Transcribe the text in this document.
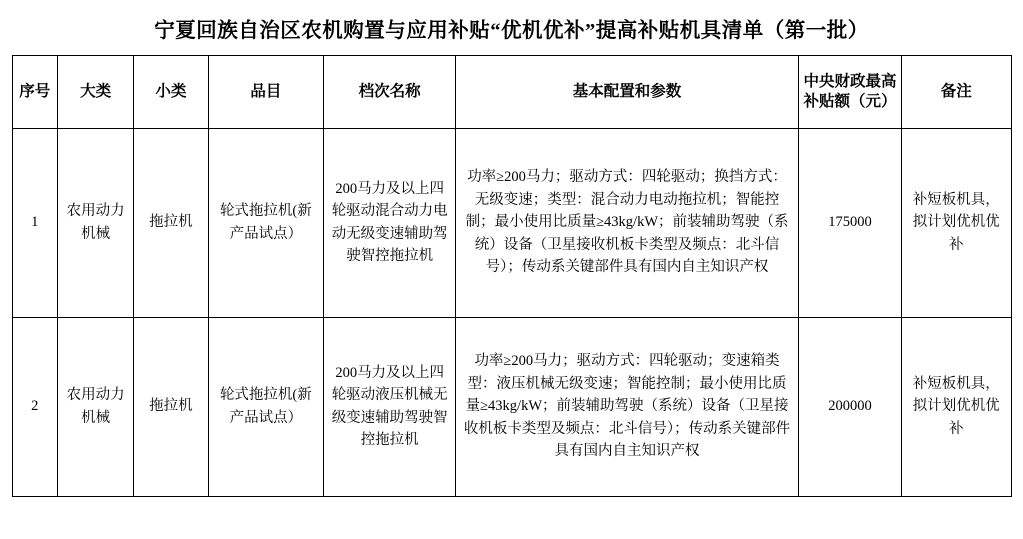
宁夏回族自治区农机购置与应用补贴“优机优补”提高补贴机具清单（第一批）
序号	大类	小类	品目	档次名称	基本配置和参数	中央财政最高补贴额（元）	备注
1	农用动力机械	拖拉机	轮式拖拉机(新产品试点）	200马力及以上四轮驱动混合动力电动无级变速辅助驾驶智控拖拉机	功率≥200马力；驱动方式：四轮驱动；换挡方式：无级变速；类型：混合动力电动拖拉机；智能控制；最小使用比质量≥43kg/kW；前装辅助驾驶（系统）设备（卫星接收机板卡类型及频点：北斗信号）；传动系关键部件具有国内自主知识产权	175000	补短板机具，拟计划优机优补
2	农用动力机械	拖拉机	轮式拖拉机(新产品试点）	200马力及以上四轮驱动液压机械无级变速辅助驾驶智控拖拉机	功率≥200马力；驱动方式：四轮驱动；变速箱类型：液压机械无级变速；智能控制；最小使用比质量≥43kg/kW；前装辅助驾驶（系统）设备（卫星接收机板卡类型及频点：北斗信号）；传动系关键部件具有国内自主知识产权	200000	补短板机具，拟计划优机优补
